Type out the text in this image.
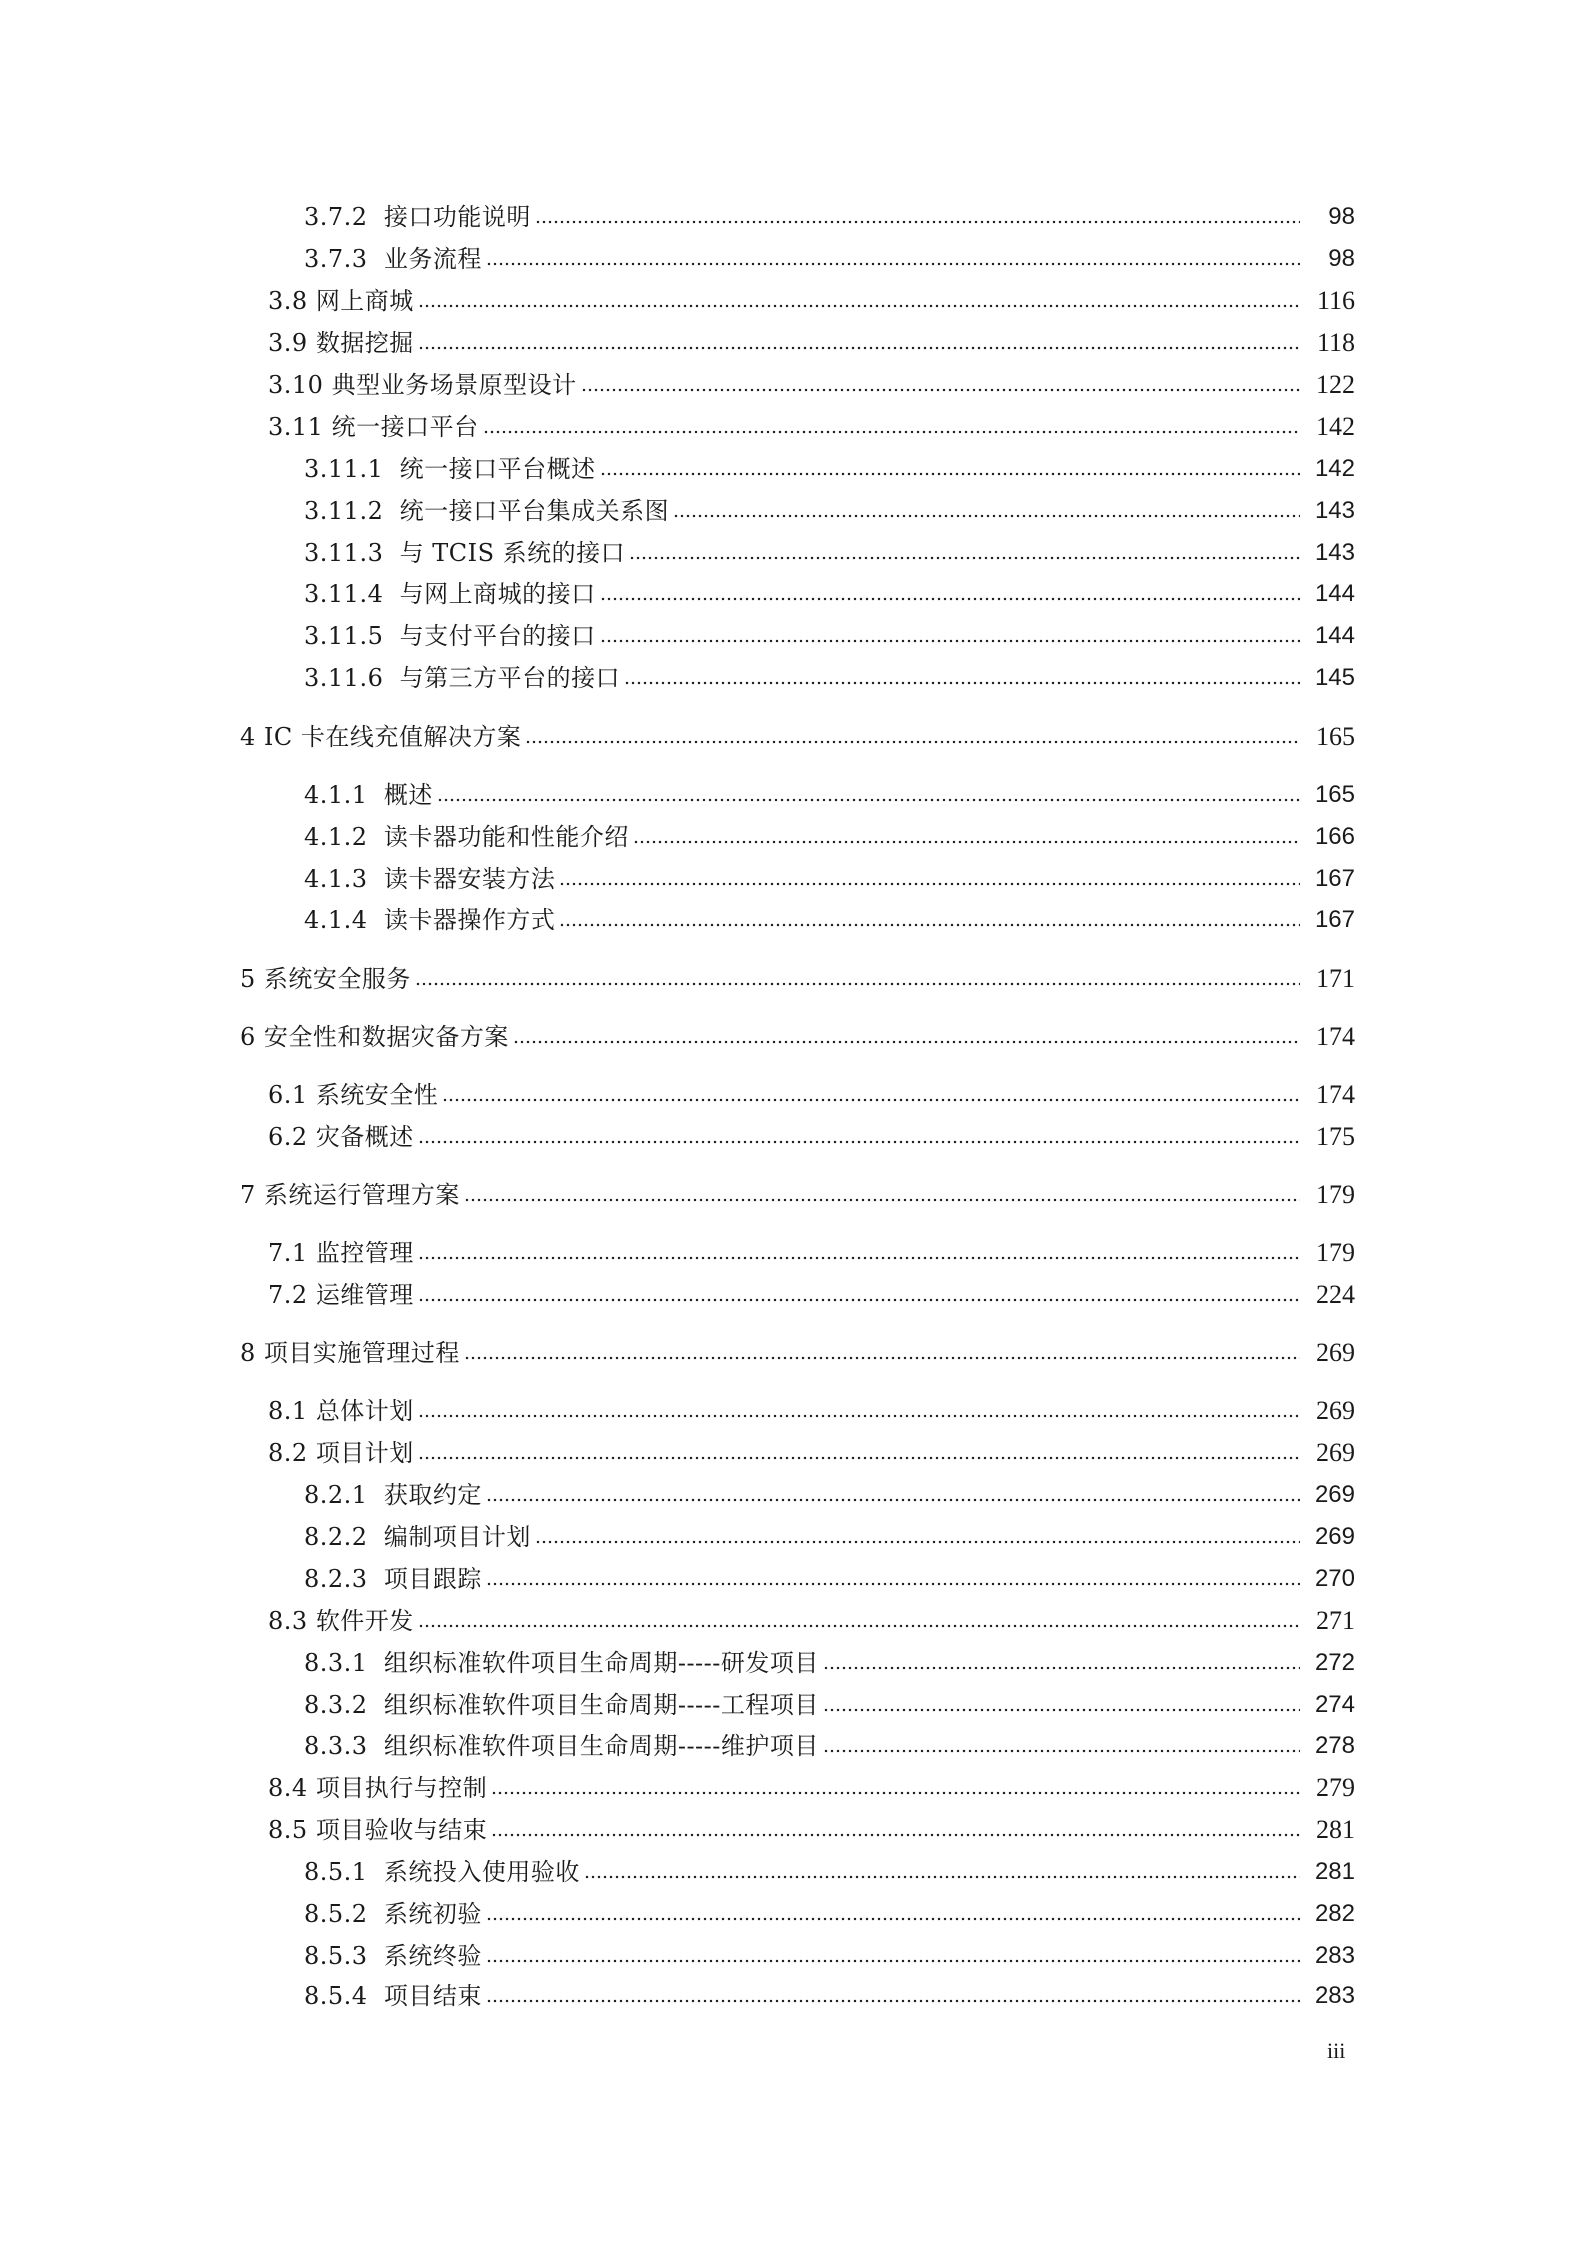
3.7.2 接口功能说明	98
3.7.3 业务流程	98
3.8 网上商城	116
3.9 数据挖掘	118
3.10 典型业务场景原型设计	122
3.11 统一接口平台	142
3.11.1 统一接口平台概述	142
3.11.2 统一接口平台集成关系图	143
3.11.3 与 TCIS 系统的接口	143
3.11.4 与网上商城的接口	144
3.11.5 与支付平台的接口	144
3.11.6 与第三方平台的接口	145
4 IC 卡在线充值解决方案	165
4.1.1 概述	165
4.1.2 读卡器功能和性能介绍	166
4.1.3 读卡器安装方法	167
4.1.4 读卡器操作方式	167
5 系统安全服务	171
6 安全性和数据灾备方案	174
6.1 系统安全性	174
6.2 灾备概述	175
7 系统运行管理方案	179
7.1 监控管理	179
7.2 运维管理	224
8 项目实施管理过程	269
8.1 总体计划	269
8.2 项目计划	269
8.2.1 获取约定	269
8.2.2 编制项目计划	269
8.2.3 项目跟踪	270
8.3 软件开发	271
8.3.1 组织标准软件项目生命周期-----研发项目	272
8.3.2 组织标准软件项目生命周期-----工程项目	274
8.3.3 组织标准软件项目生命周期-----维护项目	278
8.4 项目执行与控制	279
8.5 项目验收与结束	281
8.5.1 系统投入使用验收	281
8.5.2 系统初验	282
8.5.3 系统终验	283
8.5.4 项目结束	283
iii
